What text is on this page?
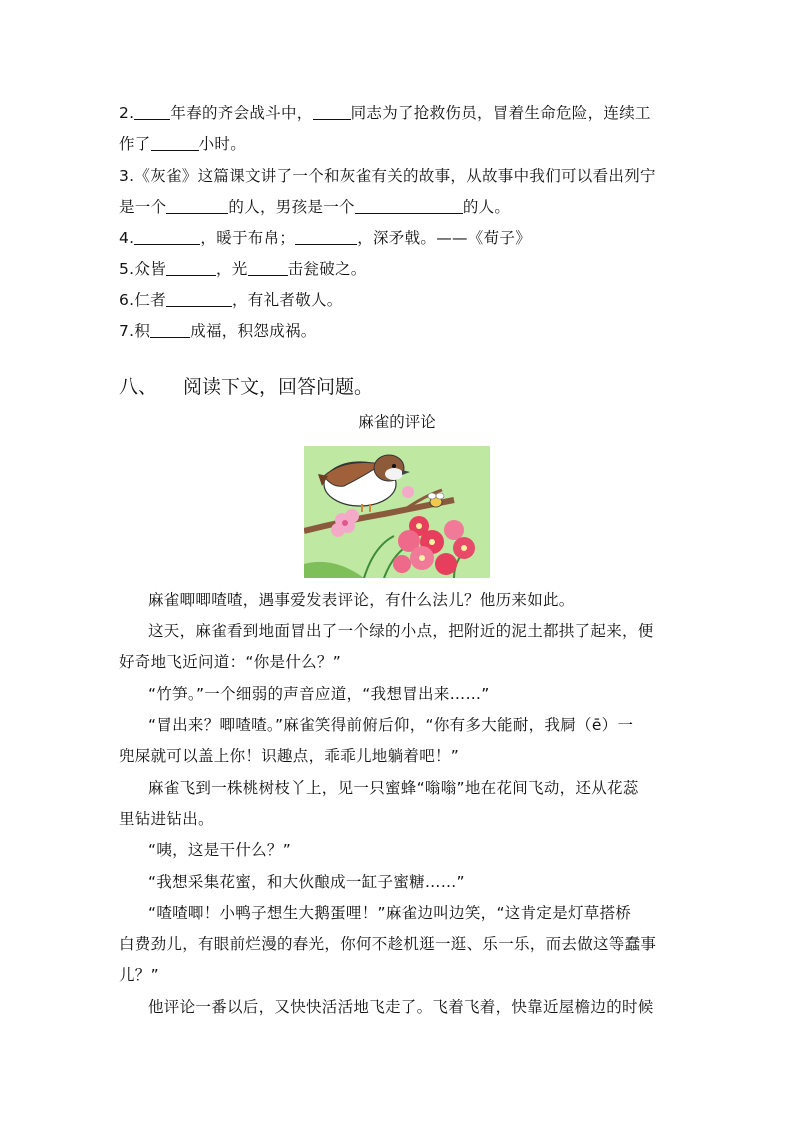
2. 年春的齐会战斗中， 同志为了抢救伤员，冒着生命危险，连续工
作了	小时。
3.《灰雀》这篇课文讲了一个和灰雀有关的故事，从故事中我们可以看出列宁
是一个	的人，男孩是一个	的人。
4.	，暖于布帛；	，深矛戟。——《荀子》
5.众皆	，光	击瓮破之。
6.仁者	，有礼者敬人。
7.积	成福，积怨成祸。
八、 阅读下文，回答问题。
麻雀的评论
麻雀唧唧喳喳，遇事爱发表评论，有什么法儿？他历来如此。
这天，麻雀看到地面冒出了一个绿的小点，把附近的泥土都拱了起来，便
好奇地飞近问道：“你是什么？”
“竹笋。”一个细弱的声音应道，“我想冒出来……”
“冒出来？唧喳喳。”麻雀笑得前俯后仰，“你有多大能耐，我屙（ē）一
兜屎就可以盖上你！识趣点，乖乖儿地躺着吧！”
麻雀飞到一株桃树枝丫上，见一只蜜蜂“嗡嗡”地在花间飞动，还从花蕊
里钻进钻出。
“咦，这是干什么？”
“我想采集花蜜，和大伙酿成一缸子蜜糖……”
“喳喳唧！小鸭子想生大鹅蛋哩！”麻雀边叫边笑，“这肯定是灯草搭桥
白费劲儿，有眼前烂漫的春光，你何不趁机逛一逛、乐一乐，而去做这等蠢事
儿？”
他评论一番以后，又快快活活地飞走了。飞着飞着，快靠近屋檐边的时候
